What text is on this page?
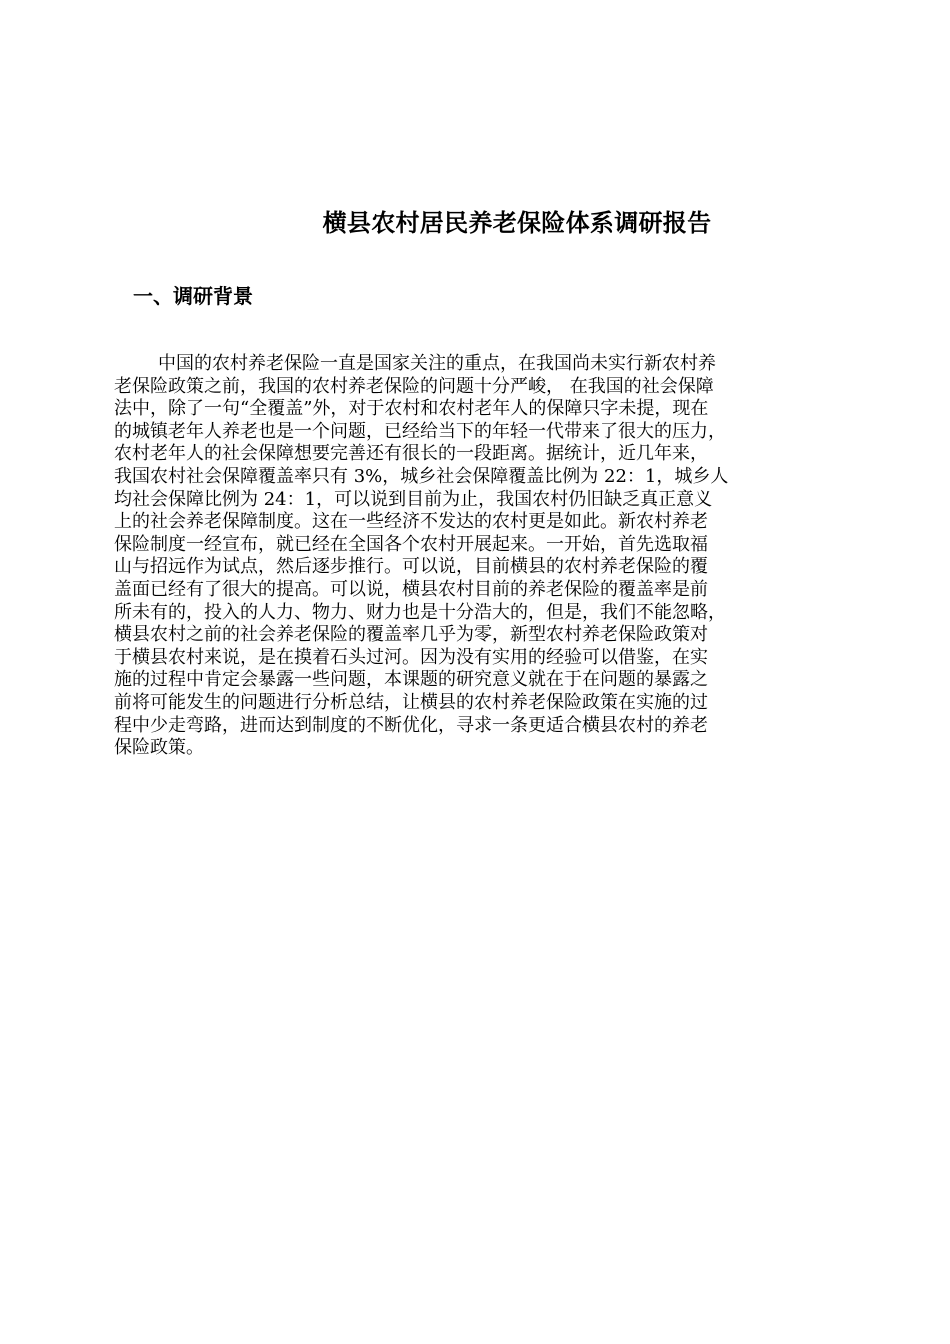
横县农村居民养老保险体系调研报告
一、调研背景

中国的农村养老保险一直是国家关注的重点，在我国尚未实行新农村养
老保险政策之前，我国的农村养老保险的问题十分严峻， 在我国的社会保障
法中，除了一句“全覆盖”外，对于农村和农村老年人的保障只字未提，现在
的城镇老年人养老也是一个问题，已经给当下的年轻一代带来了很大的压力，
农村老年人的社会保障想要完善还有很长的一段距离。据统计，近几年来，
我国农村社会保障覆盖率只有 3%，城乡社会保障覆盖比例为 22：1，城乡人
均社会保障比例为 24：1，可以说到目前为止，我国农村仍旧缺乏真正意义
上的社会养老保障制度。这在一些经济不发达的农村更是如此。新农村养老
保险制度一经宣布，就已经在全国各个农村开展起来。一开始，首先选取福
山与招远作为试点，然后逐步推行。可以说，目前横县的农村养老保险的覆
盖面已经有了很大的提高。可以说，横县农村目前的养老保险的覆盖率是前
所未有的，投入的人力、物力、财力也是十分浩大的，但是，我们不能忽略，
横县农村之前的社会养老保险的覆盖率几乎为零，新型农村养老保险政策对
于横县农村来说，是在摸着石头过河。因为没有实用的经验可以借鉴，在实
施的过程中肯定会暴露一些问题，本课题的研究意义就在于在问题的暴露之
前将可能发生的问题进行分析总结，让横县的农村养老保险政策在实施的过
程中少走弯路，进而达到制度的不断优化，寻求一条更适合横县农村的养老
保险政策。
